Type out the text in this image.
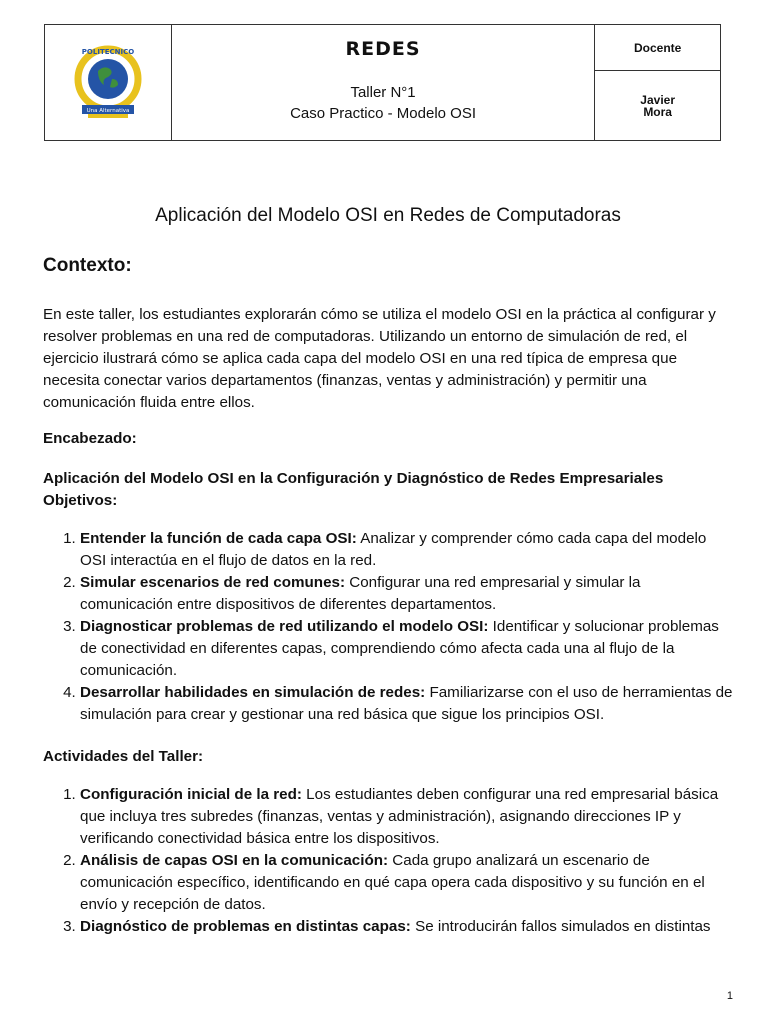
POLITECNICO
Una Alternativa

REDES
Taller N°1
Caso Practico - Modelo OSI
	Docente

Javier
Mora
Aplicación del Modelo OSI en Redes de Computadoras
Contexto:

En este taller, los estudiantes explorarán cómo se utiliza el modelo OSI en la práctica al configurar y resolver problemas en una red de computadoras. Utilizando un entorno de simulación de red, el ejercicio ilustrará cómo se aplica cada capa del modelo OSI en una red típica de empresa que necesita conectar varios departamentos (finanzas, ventas y administración) y permitir una comunicación fluida entre ellos.

Encabezado:
Aplicación del Modelo OSI en la Configuración y Diagnóstico de Redes Empresariales
Objetivos:
1. Entender la función de cada capa OSI: Analizar y comprender cómo cada capa del modelo OSI interactúa en el flujo de datos en la red.
2. Simular escenarios de red comunes: Configurar una red empresarial y simular la comunicación entre dispositivos de diferentes departamentos.
3. Diagnosticar problemas de red utilizando el modelo OSI: Identificar y solucionar problemas de conectividad en diferentes capas, comprendiendo cómo afecta cada una al flujo de la comunicación.
4. Desarrollar habilidades en simulación de redes: Familiarizarse con el uso de herramientas de simulación para crear y gestionar una red básica que sigue los principios OSI.
Actividades del Taller:
1. Configuración inicial de la red: Los estudiantes deben configurar una red empresarial básica que incluya tres subredes (finanzas, ventas y administración), asignando direcciones IP y verificando conectividad básica entre los dispositivos.
2. Análisis de capas OSI en la comunicación: Cada grupo analizará un escenario de comunicación específico, identificando en qué capa opera cada dispositivo y su función en el envío y recepción de datos.
3. Diagnóstico de problemas en distintas capas: Se introducirán fallos simulados en distintas
1
